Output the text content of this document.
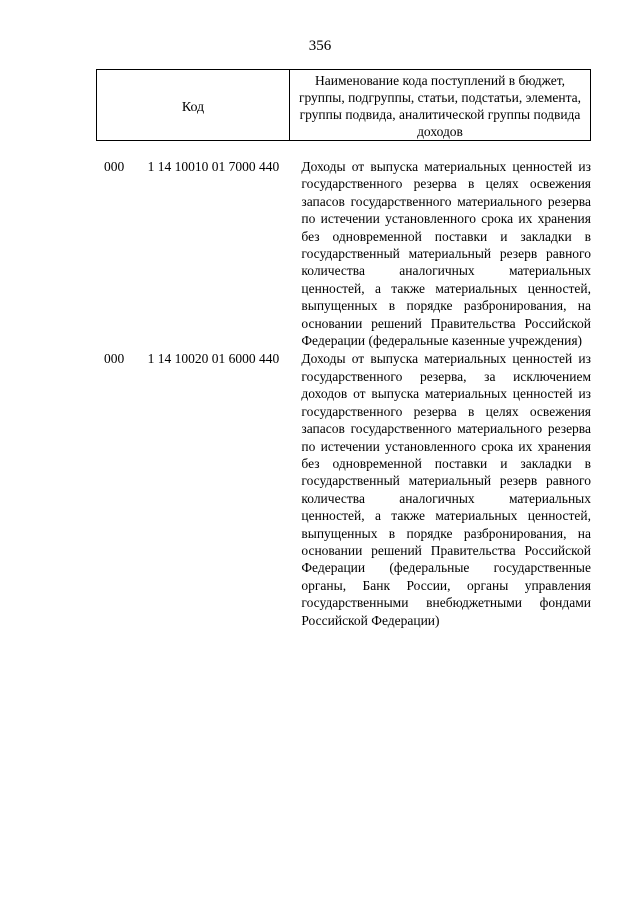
356
Код
Наименование кода поступлений в бюджет, группы, подгруппы, статьи, подстатьи, элемента, группы подвида, аналитической группы подвида доходов
000	1 14 10010 01 7000 440	Доходы от выпуска материальных ценностей из государственного резерва в целях освежения запасов государственного материального резерва по истечении установленного срока их хранения без одновременной поставки и закладки в государственный материальный резерв равного количества аналогичных материальных ценностей, а также материальных ценностей, выпущенных в порядке разбронирования, на основании решений Правительства Российской Федерации (федеральные казенные учреждения)
000	1 14 10020 01 6000 440	Доходы от выпуска материальных ценностей из государственного резерва, за исключением доходов от выпуска материальных ценностей из государственного резерва в целях освежения запасов государственного материального резерва по истечении установленного срока их хранения без одновременной поставки и закладки в государственный материальный резерв равного количества аналогичных материальных ценностей, а также материальных ценностей, выпущенных в порядке разбронирования, на основании решений Правительства Российской Федерации (федеральные государственные органы, Банк России, органы управления государственными внебюджетными фондами Российской Федерации)
